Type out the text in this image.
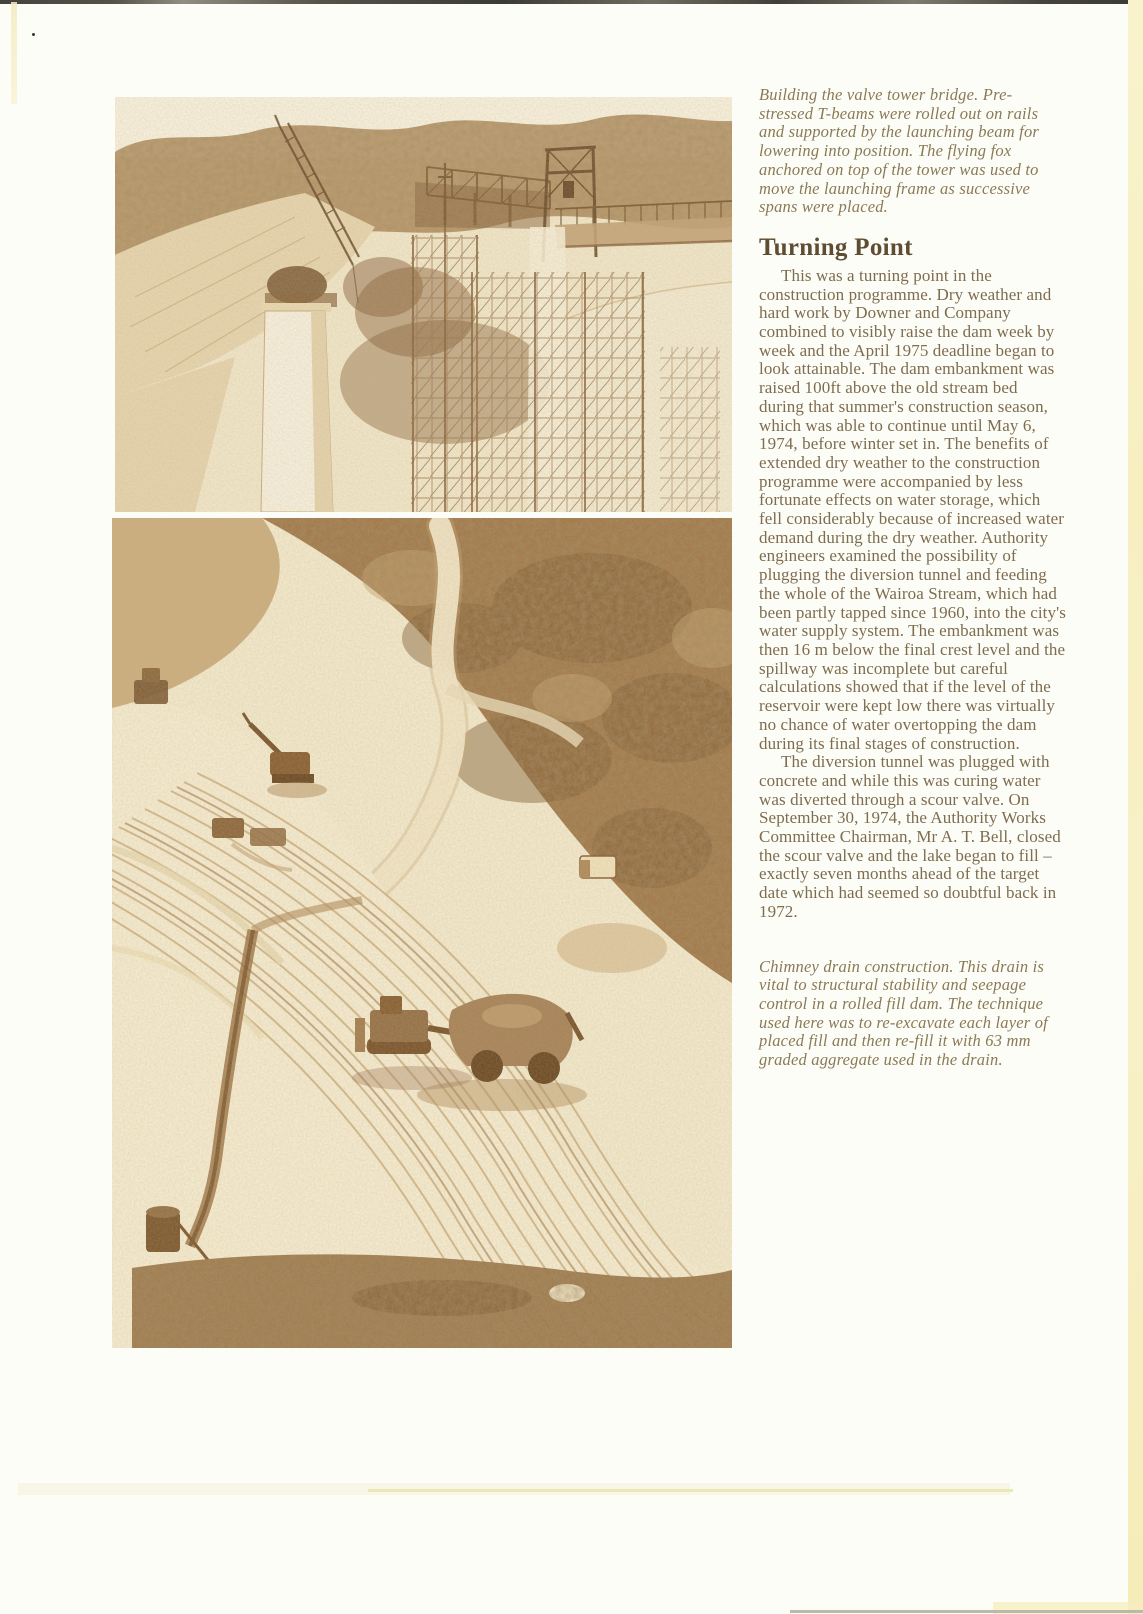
Building the valve tower bridge. Pre-stressed T-beams were rolled out on rails and supported by the launching beam for lowering into position. The flying fox anchored on top of the tower was used to move the launching frame as successive spans were placed.

Turning Point

This was a turning point in the construction programme. Dry weather and hard work by Downer and Company combined to visibly raise the dam week by week and the April 1975 deadline began to look attainable. The dam embankment was raised 100ft above the old stream bed during that summer's construction season, which was able to continue until May 6, 1974, before winter set in. The benefits of extended dry weather to the construction programme were accompanied by less fortunate effects on water storage, which fell considerably because of increased water demand during the dry weather. Authority engineers examined the possibility of plugging the diversion tunnel and feeding the whole of the Wairoa Stream, which had been partly tapped since 1960, into the city's water supply system. The embankment was then 16 m below the final crest level and the spillway was incomplete but careful calculations showed that if the level of the reservoir were kept low there was virtually no chance of water overtopping the dam during its final stages of construction.

The diversion tunnel was plugged with concrete and while this was curing water was diverted through a scour valve. On September 30, 1974, the Authority Works Committee Chairman, Mr A. T. Bell, closed the scour valve and the lake began to fill – exactly seven months ahead of the target date which had seemed so doubtful back in 1972.

Chimney drain construction. This drain is vital to structural stability and seepage control in a rolled fill dam. The technique used here was to re-excavate each layer of placed fill and then re-fill it with 63 mm graded aggregate used in the drain.
